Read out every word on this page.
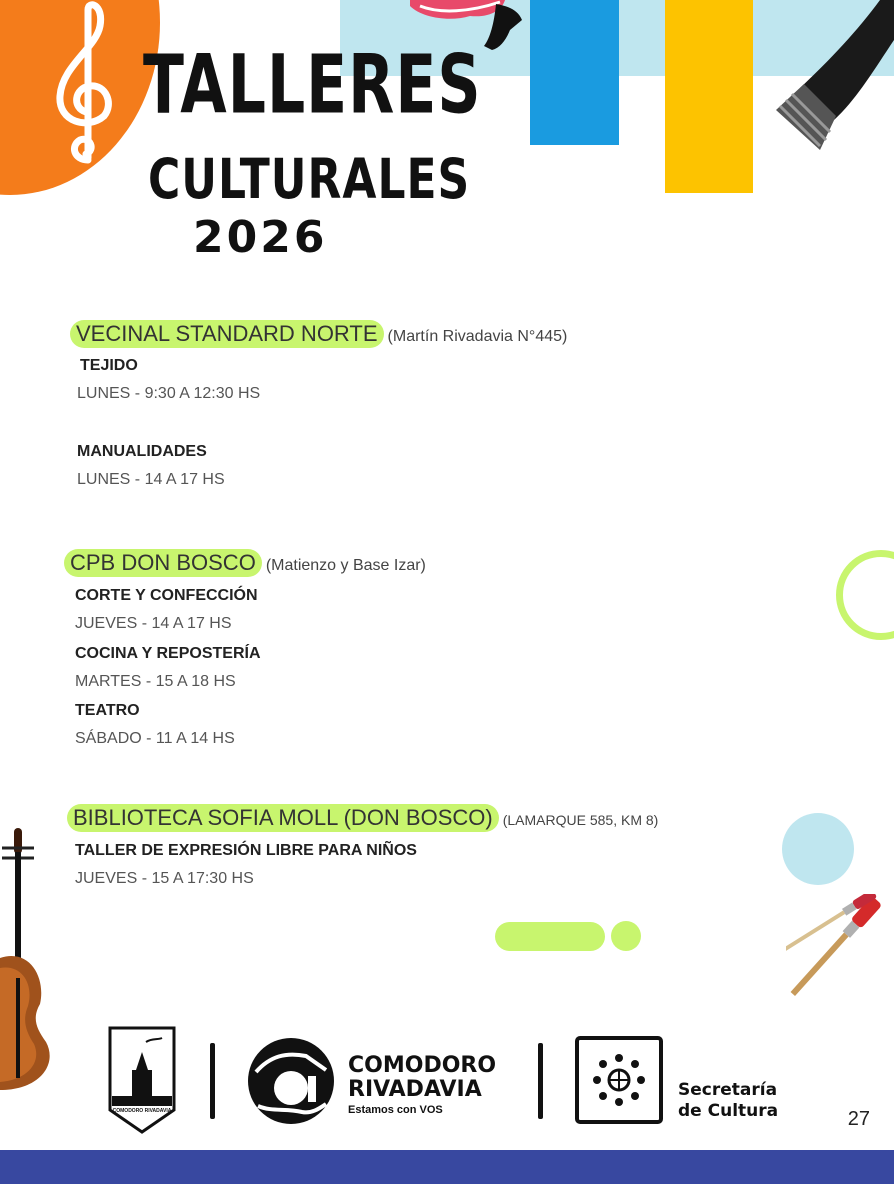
TALLERES
CULTURALES
2026
VECINAL STANDARD NORTE (Martín Rivadavia N°445)
TEJIDO
LUNES - 9:30 A 12:30 HS
MANUALIDADES
LUNES - 14 A 17 HS
CPB DON BOSCO (Matienzo y Base Izar)
CORTE Y CONFECCIÓN
JUEVES - 14 A 17 HS
COCINA Y REPOSTERÍA
MARTES - 15 A 18 HS
TEATRO
SÁBADO - 11 A 14 HS
BIBLIOTECA SOFIA MOLL (DON BOSCO) (LAMARQUE 585, KM 8)
TALLER DE EXPRESIÓN LIBRE PARA NIÑOS
JUEVES - 15 A 17:30 HS
COMODORO RIVADAVIA
COMODORO
RIVADAVIA
Estamos con VOS
Secretaría
de Cultura	27
